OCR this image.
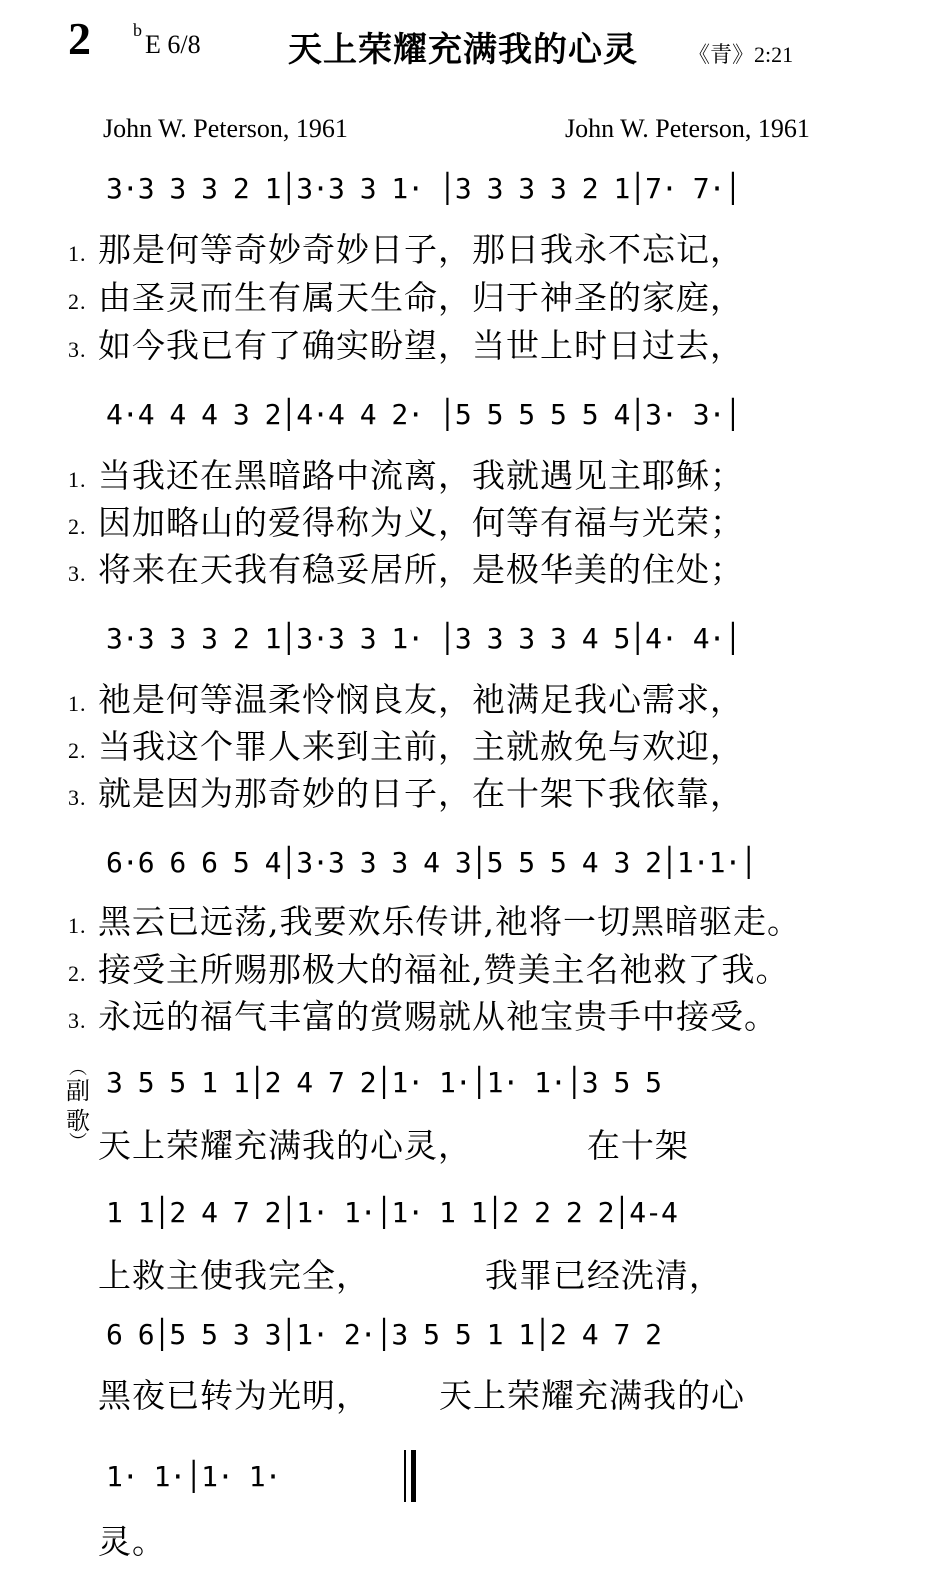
2 b E 6/8	天上荣耀充满我的心灵 《青》2:21
John W. Peterson, 1961	John W. Peterson, 1961
3·3 3 3 2 1│3·3 3 1· │3 3 3 3 2 1│7· 7·│
1. 那是何等奇妙奇妙日子，那日我永不忘记，
2. 由圣灵而生有属天生命，归于神圣的家庭，
3. 如今我已有了确实盼望，当世上时日过去，
4·4 4 4 3 2│4·4 4 2· │5 5 5 5 5 4│3· 3·│
1. 当我还在黑暗路中流离，我就遇见主耶稣；
2. 因加略山的爱得称为义，何等有福与光荣；
3. 将来在天我有稳妥居所，是极华美的住处；
3·3 3 3 2 1│3·3 3 1· │3 3 3 3 4 5│4· 4·│
1. 祂是何等温柔怜悯良友，祂满足我心需求，
2. 当我这个罪人来到主前，主就赦免与欢迎，
3. 就是因为那奇妙的日子，在十架下我依靠，
6·6 6 6 5 4│3·3 3 3 4 3│5 5 5 4 3 2│1·1·│
1. 黑云已远荡,我要欢乐传讲,祂将一切黑暗驱走。
2. 接受主所赐那极大的福祉,赞美主名祂救了我。
3. 永远的福气丰富的赏赐就从祂宝贵手中接受。
︵
副
歌
︶
3 5 5 1 1│2 4 7 2│1· 1·│1· 1·│3 5 5
天上荣耀充满我的心灵，          在十架
1 1│2 4 7 2│1· 1·│1· 1 1│2 2 2 2│4-4
上救主使我完全，          我罪已经洗清，
6 6│5 5 3 3│1· 2·│3 5 5 1 1│2 4 7 2
黑夜已转为光明，      天上荣耀充满我的心
1· 1·│1· 1·
灵。
